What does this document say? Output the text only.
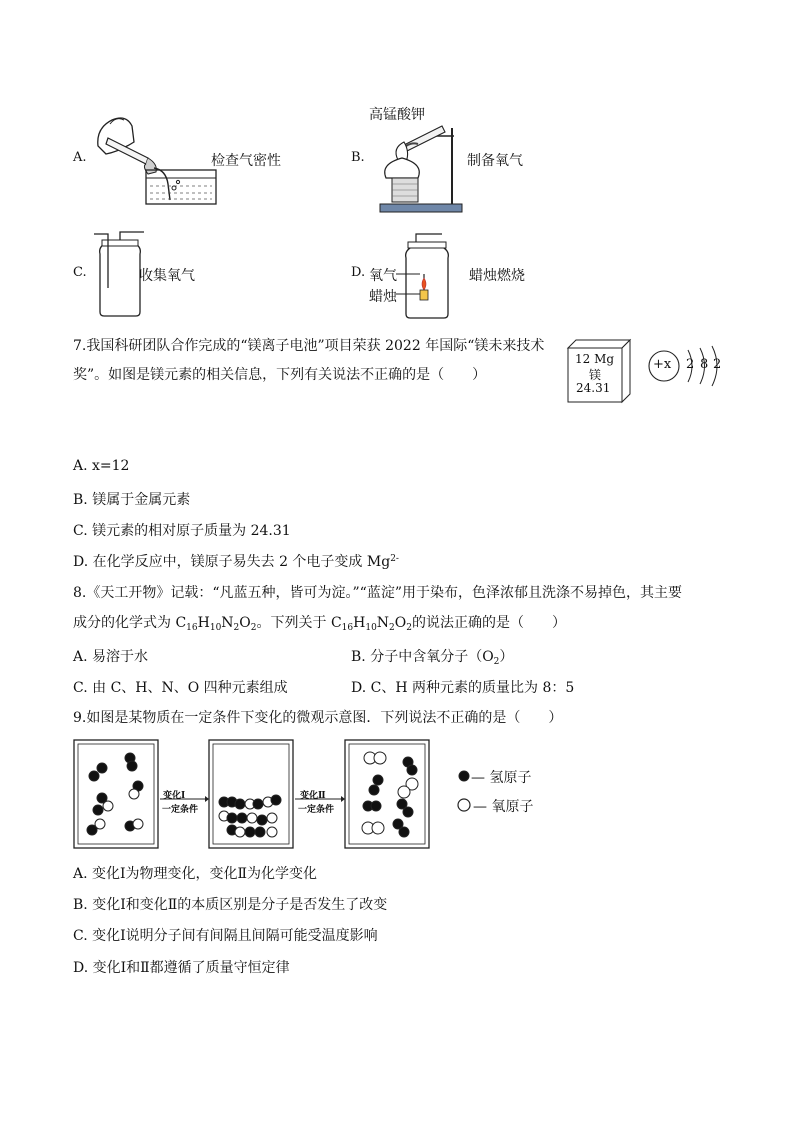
A.	检查气密性	B.
高锰酸钾
制备氧气
C.	收集氧气	D. 氧气
蜡烛
蜡烛燃烧
7.我国科研团队合作完成的“镁离子电池”项目荣获 2022 年国际“镁未来技术
奖”。如图是镁元素的相关信息，下列有关说法不正确的是（　　）
12 Mg
镁
24.31
+x 2 8 2
A. x=12
B. 镁属于金属元素
C. 镁元素的相对原子质量为 24.31
D. 在化学反应中，镁原子易失去 2 个电子变成 $Mg^{2-}$
8.《天工开物》记载：“凡蓝五种，皆可为淀。”“蓝淀”用于染布，色泽浓郁且洗涤不易掉色，其主要
成分的化学式为 $C_{16}H_{10}N_2O_2$。下列关于 $C_{16}H_{10}N_2O_2$的说法正确的是（　　）
A. 易溶于水	B. 分子中含氧分子$(O_2)$
C. 由 C、H、N、O 四种元素组成	D. C、H 两种元素的质量比为 8：5
9.如图是某物质在一定条件下变化的微观示意图．下列说法不正确的是（　　）
变化Ⅰ
一定条件
变化Ⅱ
一定条件
— 氢原子
— 氧原子
A. 变化Ⅰ为物理变化，变化Ⅱ为化学变化
B. 变化Ⅰ和变化Ⅱ的本质区别是分子是否发生了改变
C. 变化Ⅰ说明分子间有间隔且间隔可能受温度影响
D. 变化Ⅰ和Ⅱ都遵循了质量守恒定律
